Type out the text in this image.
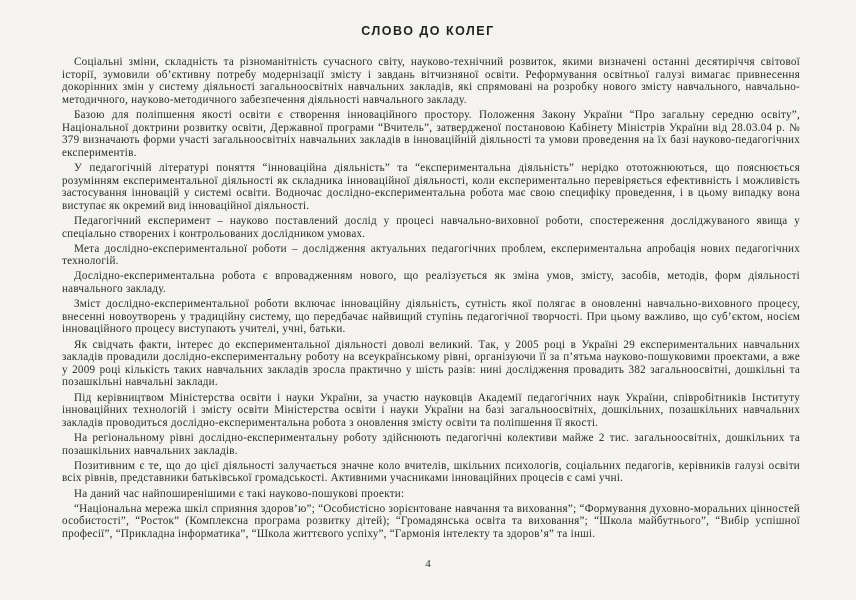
СЛОВО ДО КОЛЕГ

Соціальні зміни, складність та різноманітність сучасного світу, науково-технічний розвиток, якими визначені останні десятиріччя світової історії, зумовили об’єктивну потребу модернізації змісту і завдань вітчизняної освіти. Реформування освітньої галузі вимагає привнесення докорінних змін у систему діяльності загальноосвітніх навчальних закладів, які спрямовані на розробку нового змісту навчального, навчально-методичного, науково-методичного забезпечення діяльності навчального закладу.

Базою для поліпшення якості освіти є створення інноваційного простору. Положення Закону України “Про загальну середню освіту”, Національної доктрини розвитку освіти, Державної програми “Вчитель”, затвердженої постановою Кабінету Міністрів України від 28.03.04 р. № 379 визначають форми участі загальноосвітніх навчальних закладів в інноваційній діяльності та умови проведення на їх базі науково-педагогічних експериментів.

У педагогічній літературі поняття “інноваційна діяльність” та “експериментальна діяльність” нерідко ототожнюються, що пояснюється розумінням експериментальної діяльності як складника інноваційної діяльності, коли експериментально перевіряється ефективність і можливість застосування інновацій у системі освіти. Водночас дослідно-експериментальна робота має свою специфіку проведення, і в цьому випадку вона виступає як окремий вид інноваційної діяльності.

Педагогічний експеримент – науково поставлений дослід у процесі навчально-виховної роботи, спостереження досліджуваного явища у спеціально створених і контрольованих дослідником умовах.

Мета дослідно-експериментальної роботи – дослідження актуальних педагогічних проблем, експериментальна апробація нових педагогічних технологій.

Дослідно-експериментальна робота є впровадженням нового, що реалізується як зміна умов, змісту, засобів, методів, форм діяльності навчального закладу.

Зміст дослідно-експериментальної роботи включає інноваційну діяльність, сутність якої полягає в оновленні навчально-виховного процесу, внесенні новоутворень у традиційну систему, що передбачає найвищий ступінь педагогічної творчості. При цьому важливо, що суб’єктом, носієм інноваційного процесу виступають учителі, учні, батьки.

Як свідчать факти, інтерес до експериментальної діяльності доволі великий. Так, у 2005 році в Україні 29 експериментальних навчальних закладів провадили дослідно-експериментальну роботу на всеукраїнському рівні, організуючи її за п’ятьма науково-пошуковими проектами, а вже у 2009 році кількість таких навчальних закладів зросла практично у шість разів: нині дослідження провадить 382 загальноосвітні, дошкільні та позашкільні навчальні заклади.

Під керівництвом Міністерства освіти і науки України, за участю науковців Академії педагогічних наук України, співробітників Інституту інноваційних технологій і змісту освіти Міністерства освіти і науки України на базі загальноосвітніх, дошкільних, позашкільних навчальних закладів проводиться дослідно-експериментальна робота з оновлення змісту освіти та поліпшення її якості.

На регіональному рівні дослідно-експериментальну роботу здійснюють педагогічні колективи майже 2 тис. загальноосвітніх, дошкільних та позашкільних навчальних закладів.

Позитивним є те, що до цієї діяльності залучається значне коло вчителів, шкільних психологів, соціальних педагогів, керівників галузі освіти всіх рівнів, представники батьківської громадськості. Активними учасниками інноваційних процесів є самі учні.

На даний час найпоширенішими є такі науково-пошукові проекти:

“Національна мережа шкіл сприяння здоров’ю”; “Особистісно зорієнтоване навчання та виховання”; “Формування духовно-моральних цінностей особистості”, “Росток” (Комплексна програма розвитку дітей); “Громадянська освіта та виховання”; “Школа майбутнього”, “Вибір успішної професії”, “Прикладна інформатика”, “Школа життєвого успіху”, “Гармонія інтелекту та здоров’я” та інші.

4
